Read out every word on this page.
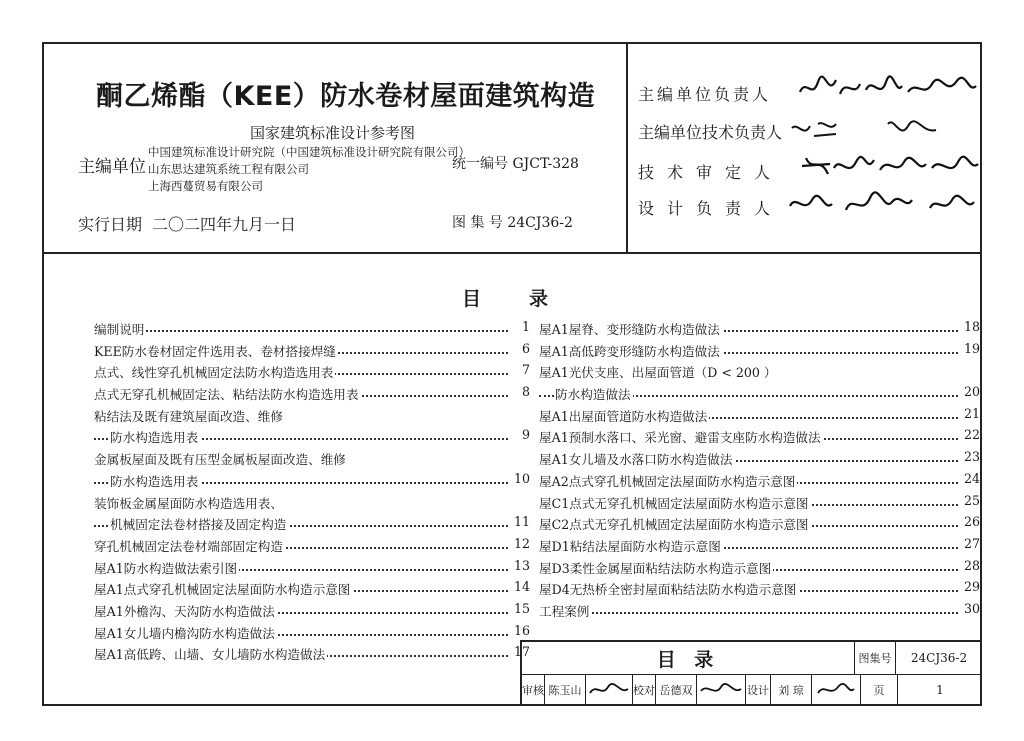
酮乙烯酯（KEE）防水卷材屋面建筑构造
国家建筑标准设计参考图
主编单位
中国建筑标准设计研究院（中国建筑标准设计研究院有限公司）
山东思达建筑系统工程有限公司
上海西蔓贸易有限公司
统一编号 GJCT-328
实行日期 二〇二四年九月一日	图 集 号 24CJ36-2
主编单位负责人
主编单位技术负责人
技术审定人
设计负责人
目录
编制说明	1
KEE防水卷材固定件选用表、卷材搭接焊缝	6
点式、线性穿孔机械固定法防水构造选用表	7
点式无穿孔机械固定法、粘结法防水构造选用表	8
粘结法及既有建筑屋面改造、维修
防水构造选用表	9
金属板屋面及既有压型金属板屋面改造、维修
防水构造选用表	10
装饰板金属屋面防水构造选用表、
机械固定法卷材搭接及固定构造	11
穿孔机械固定法卷材端部固定构造	12
屋A1防水构造做法索引图	13
屋A1点式穿孔机械固定法屋面防水构造示意图	14
屋A1外檐沟、天沟防水构造做法	15
屋A1女儿墙内檐沟防水构造做法	16
屋A1高低跨、山墙、女儿墙防水构造做法	17
屋A1屋脊、变形缝防水构造做法	18
屋A1高低跨变形缝防水构造做法	19
屋A1光伏支座、出屋面管道（D < 200 ）
防水构造做法	20
屋A1出屋面管道防水构造做法	21
屋A1预制水落口、采光窗、避雷支座防水构造做法	22
屋A1女儿墙及水落口防水构造做法	23
屋A2点式穿孔机械固定法屋面防水构造示意图	24
屋C1点式无穿孔机械固定法屋面防水构造示意图	25
屋C2点式无穿孔机械固定法屋面防水构造示意图	26
屋D1粘结法屋面防水构造示意图	27
屋D3柔性金属屋面粘结法防水构造示意图	28
屋D4无热桥全密封屋面粘结法防水构造示意图	29
工程案例	30
目 录	图集号	24CJ36-2
审核 陈玉山	校对 岳德双	设计 刘 琼	页	1
